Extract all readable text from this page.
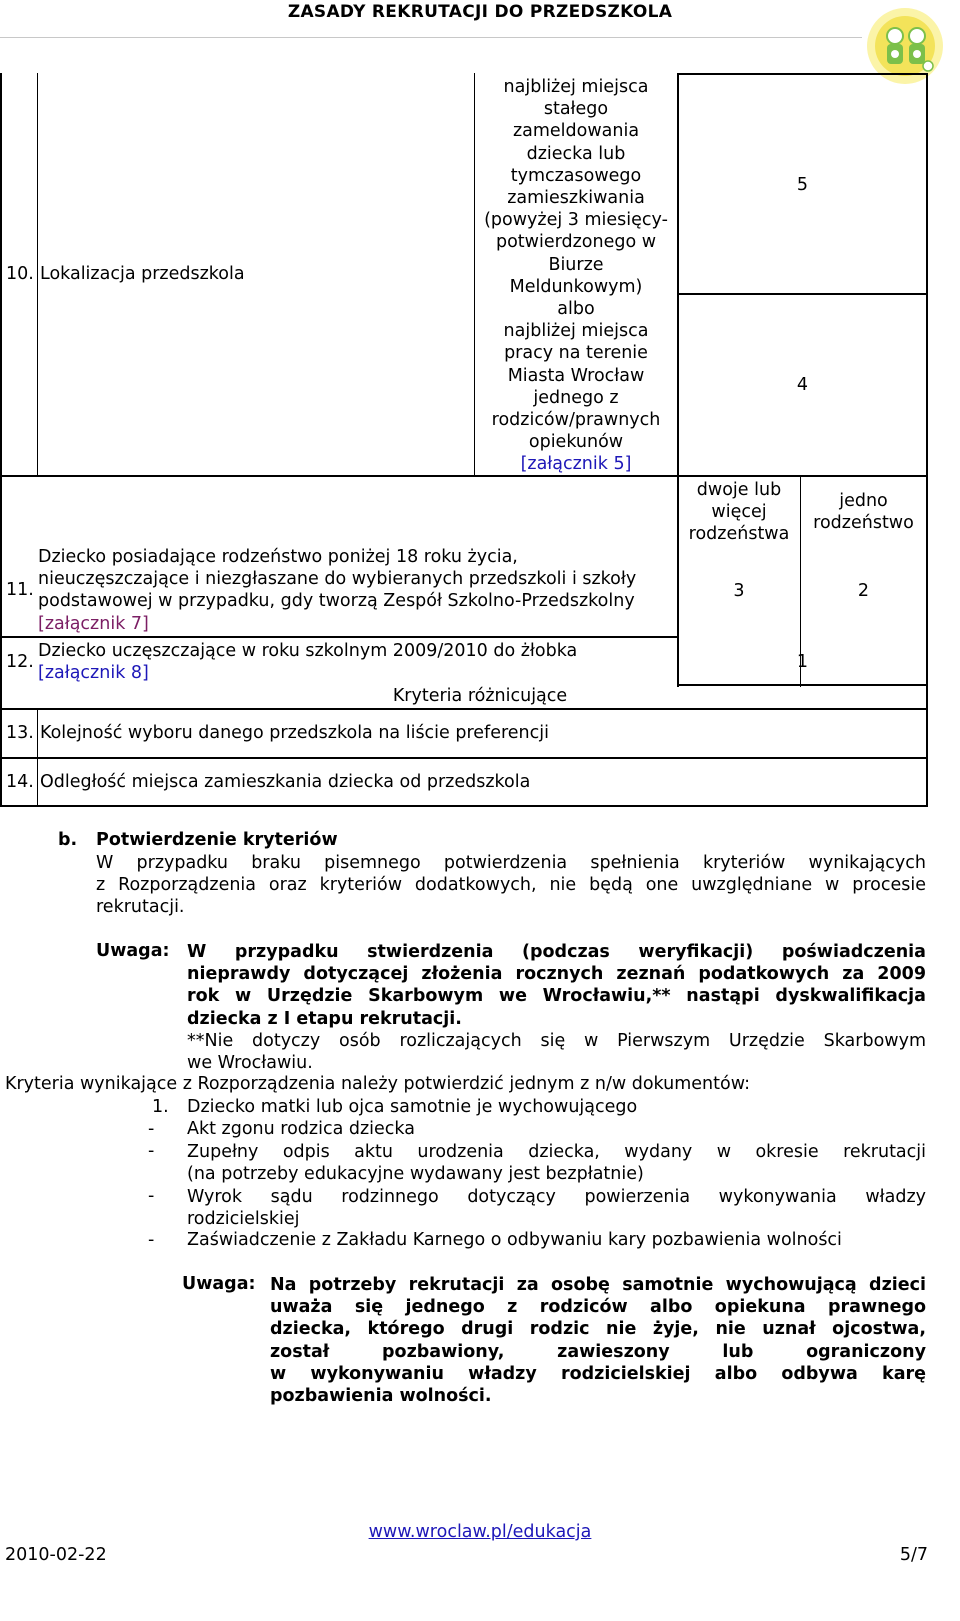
ZASADY REKRUTACJI DO PRZEDSZKOLA
10. Lokalizacja przedszkola
najbliżej miejsca
stałego
zameldowania
dziecka lub
tymczasowego
zamieszkiwania
(powyżej 3 miesięcy-
potwierdzonego w
Biurze
Meldunkowym)
albo
najbliżej miejsca
pracy na terenie
Miasta Wrocław
jednego z
rodziców/prawnych
opiekunów
[załącznik 5]
5
4
dwoje lub
więcej
rodzeństwa
jedno
rodzeństwo
11.
Dziecko posiadające rodzeństwo poniżej 18 roku życia,
nieuczęszczające i niezgłaszane do wybieranych przedszkoli i szkoły
podstawowej w przypadku, gdy tworzą Zespół Szkolno-Przedszkolny
[załącznik 7]
3	2
12.
Dziecko uczęszczające w roku szkolnym 2009/2010 do żłobka
[załącznik 8]
1
Kryteria różnicujące
13. Kolejność wyboru danego przedszkola na liście preferencji
14. Odległość miejsca zamieszkania dziecka od przedszkola
b. Potwierdzenie kryteriów
W przypadku braku pisemnego potwierdzenia spełnienia kryteriów wynikających
z Rozporządzenia oraz kryteriów dodatkowych, nie będą one uwzględniane w procesie
rekrutacji.
Uwaga: W przypadku stwierdzenia (podczas weryfikacji) poświadczenia
nieprawdy dotyczącej złożenia rocznych zeznań podatkowych za 2009
rok w Urzędzie Skarbowym we Wrocławiu,** nastąpi dyskwalifikacja
dziecka z I etapu rekrutacji.
**Nie dotyczy osób rozliczających się w Pierwszym Urzędzie Skarbowym
we Wrocławiu.
Kryteria wynikające z Rozporządzenia należy potwierdzić jednym z n/w dokumentów:
1. Dziecko matki lub ojca samotnie je wychowującego
- Akt zgonu rodzica dziecka
- Zupełny odpis aktu urodzenia dziecka, wydany w okresie rekrutacji
(na potrzeby edukacyjne wydawany jest bezpłatnie)
- Wyrok sądu rodzinnego dotyczący powierzenia wykonywania władzy
rodzicielskiej
- Zaświadczenie z Zakładu Karnego o odbywaniu kary pozbawienia wolności
Uwaga: Na potrzeby rekrutacji za osobę samotnie wychowującą dzieci
uważa się jednego z rodziców albo opiekuna prawnego
dziecka, którego drugi rodzic nie żyje, nie uznał ojcostwa,
został pozbawiony, zawieszony lub ograniczony
w wykonywaniu władzy rodzicielskiej albo odbywa karę
pozbawienia wolności.
2010-02-22
www.wroclaw.pl/edukacja
5/7
